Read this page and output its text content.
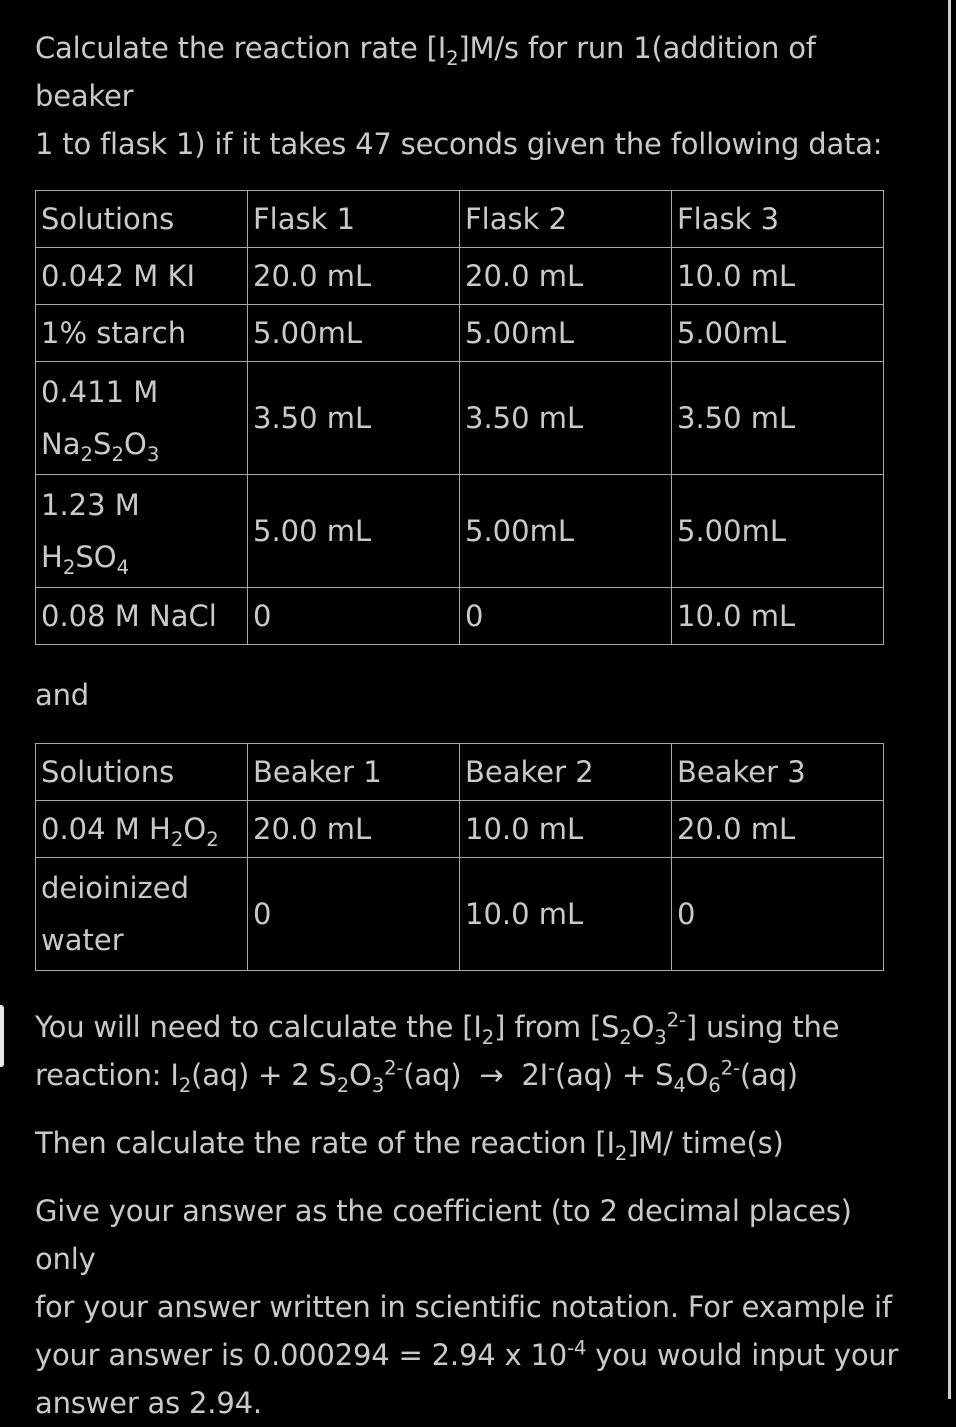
Calculate the reaction rate $[I_2]M/s$ for run 1(addition of beaker
1 to flask 1) if it takes 47 seconds given the following data:

Solutions	Flask 1	Flask 2	Flask 3
0.042 M KI	20.0 mL	20.0 mL	10.0 mL
1% starch	5.00mL	5.00mL	5.00mL
0.411 M
$Na_2S_2O_3$	3.50 mL	3.50 mL	3.50 mL
1.23 M
$H_2SO_4$	5.00 mL	5.00mL	5.00mL
0.08 M NaCl	0	0	10.0 mL

and

Solutions	Beaker 1	Beaker 2	Beaker 3
0.04 M $H_2O_2$	20.0 mL	10.0 mL	20.0 mL
deioinized
water	0	10.0 mL	0

You will need to calculate the $[I_2]$ from $[S_2O_3^{2-}]$ using the
reaction: $I_2(aq) + 2$ $S_2O_3^{2-}(aq) \to 2I^-(aq) + S_4O_6^{2-}(aq)$

Then calculate the rate of the reaction $[I_2]M/$ time(s)

Give your answer as the coefficient (to 2 decimal places) only
for your answer written in scientific notation. For example if
your answer is 0.000294 = 2.94 x $10^{-4}$ you would input your
answer as 2.94.
